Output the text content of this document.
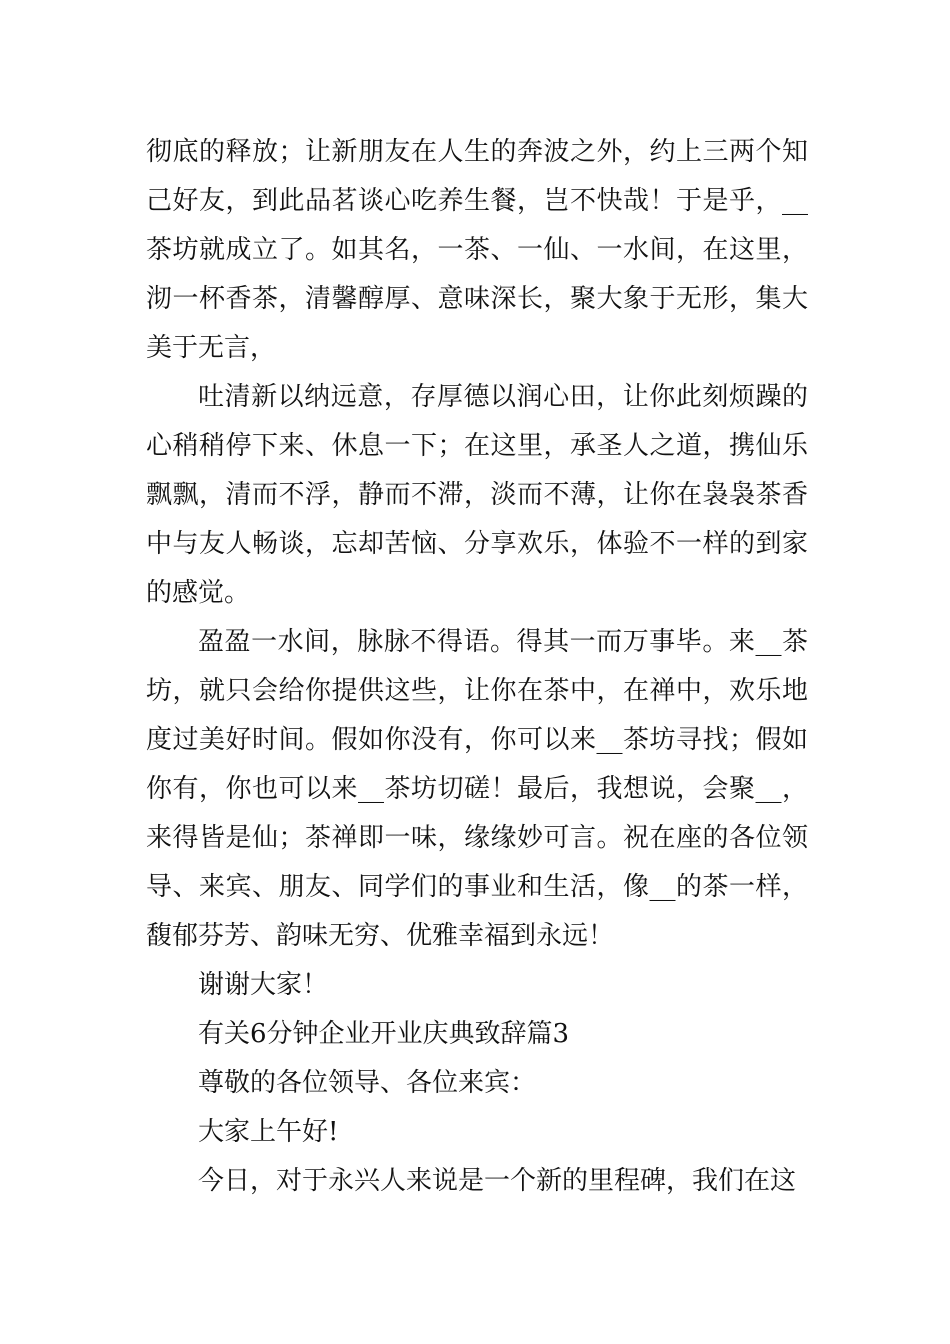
彻底的释放；让新朋友在人生的奔波之外，约上三两个知己好友，到此品茗谈心吃养生餐，岂不快哉！于是乎，__茶坊就成立了。如其名，一茶、一仙、一水间，在这里，沏一杯香茶，清馨醇厚、意味深长，聚大象于无形，集大美于无言，

吐清新以纳远意，存厚德以润心田，让你此刻烦躁的心稍稍停下来、休息一下；在这里，承圣人之道，携仙乐飘飘，清而不浮，静而不滞，淡而不薄，让你在袅袅茶香中与友人畅谈，忘却苦恼、分享欢乐，体验不一样的到家的感觉。

盈盈一水间，脉脉不得语。得其一而万事毕。来__茶坊，就只会给你提供这些，让你在茶中，在禅中，欢乐地度过美好时间。假如你没有，你可以来__茶坊寻找；假如你有，你也可以来__茶坊切磋！最后，我想说，会聚__，来得皆是仙；茶禅即一味，缘缘妙可言。祝在座的各位领导、来宾、朋友、同学们的事业和生活，像__的茶一样，馥郁芬芳、韵味无穷、优雅幸福到永远！

谢谢大家！

有关6分钟企业开业庆典致辞篇3

尊敬的各位领导、各位来宾：

大家上午好!

今日，对于永兴人来说是一个新的里程碑，我们在这
